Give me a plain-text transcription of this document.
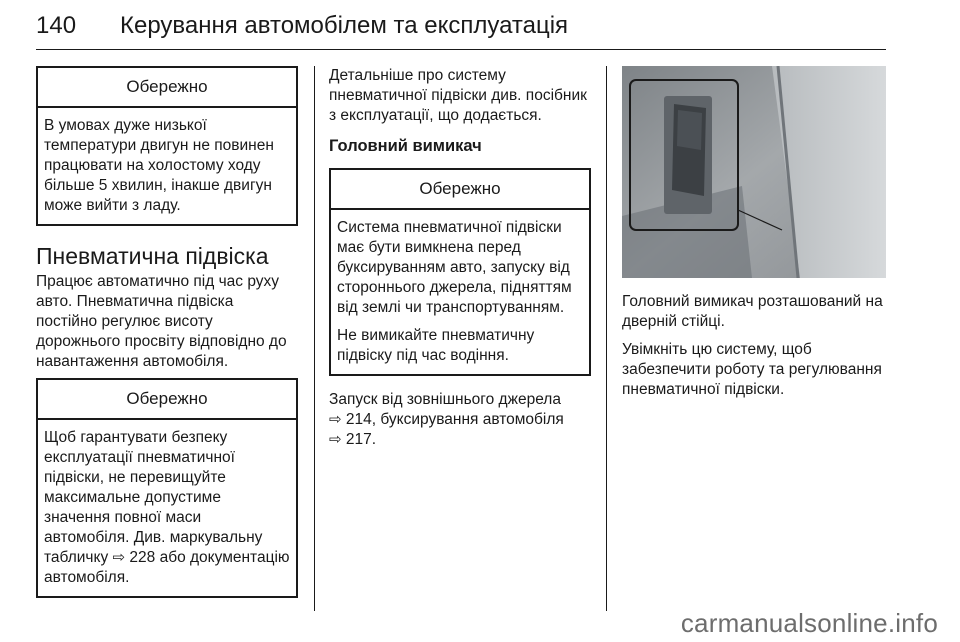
140 Керування автомобілем та експлуатація
Обережно

В умовах дуже низької температури двигун не повинен працювати на холостому ходу більше 5 хвилин, інакше двигун може вийти з ладу.

Пневматична підвіска

Працює автоматично під час руху авто. Пневматична підвіска постійно регулює висоту дорожнього просвіту відповідно до навантаження автомобіля.

Обережно

Щоб гарантувати безпеку експлуатації пневматичної підвіски, не перевищуйте максимальне допустиме значення повної маси автомобіля. Див. маркувальну табличку ⇨ 228 або документацію автомобіля.

Детальніше про систему пневматичної підвіски див. посібник з експлуатації, що додається.

Головний вимикач
Обережно

Система пневматичної підвіски має бути вимкнена перед буксируванням авто, запуску від стороннього джерела, підняттям від землі чи транспортуванням.

Не вимикайте пневматичну підвіску під час водіння.

Запуск від зовнішнього джерела
⇨ 214, буксирування автомобіля
⇨ 217.

Головний вимикач розташований на дверній стійці.

Увімкніть цю систему, щоб забезпечити роботу та регулювання пневматичної підвіски.

carmanualsonline.info
